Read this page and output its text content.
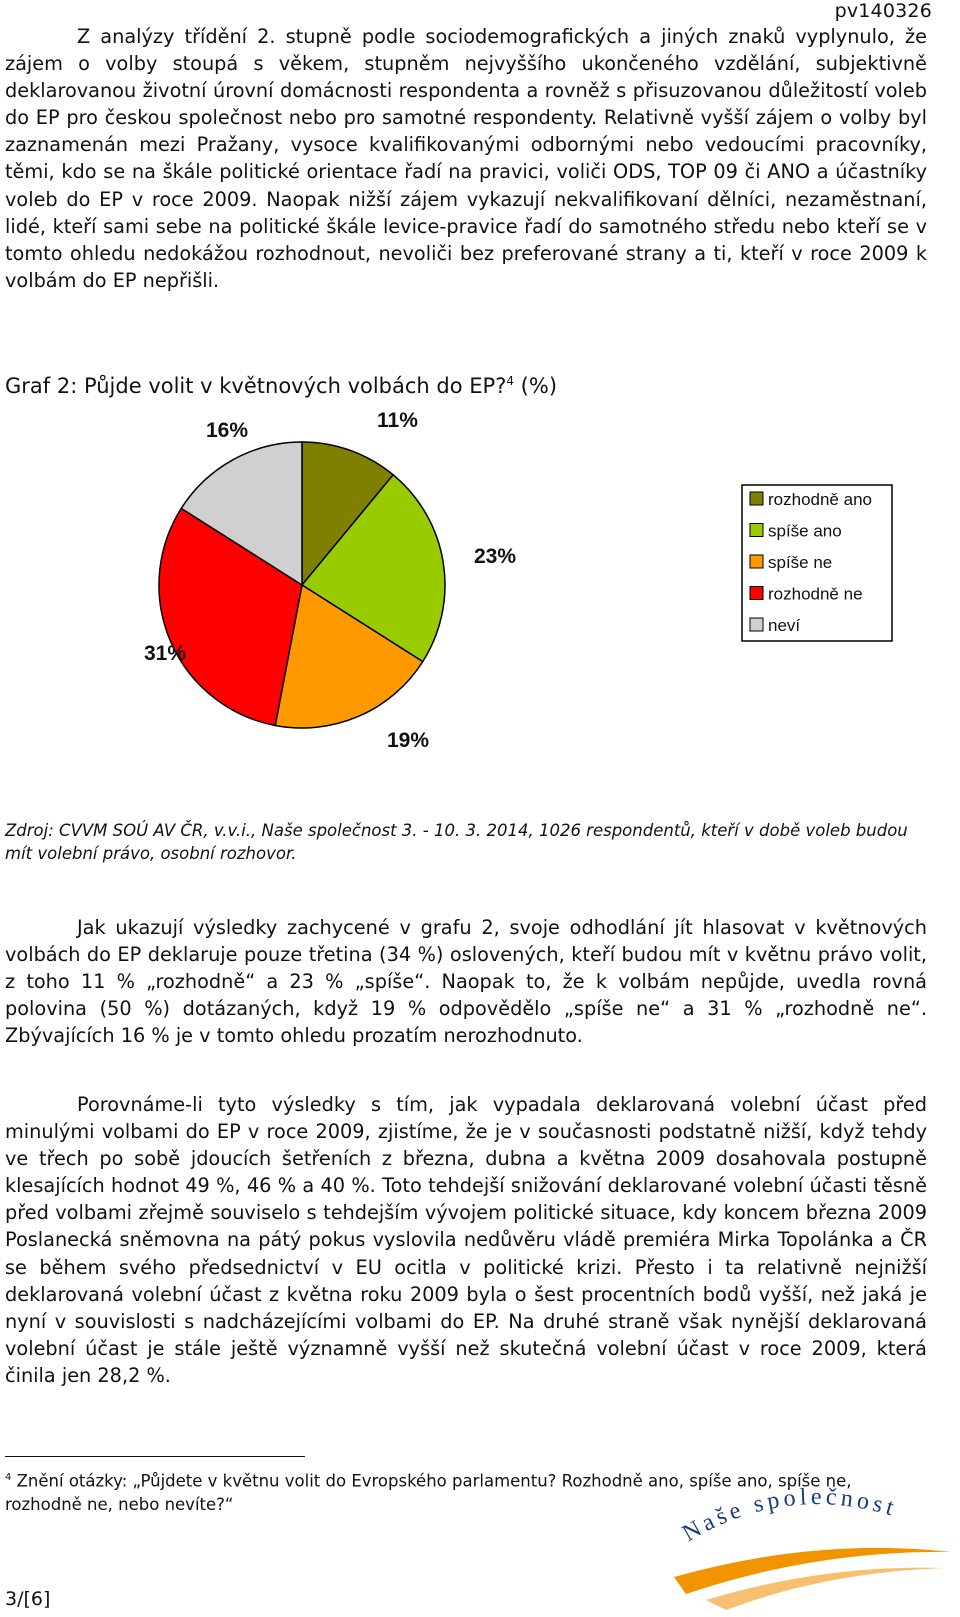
pv140326

Z analýzy třídění 2. stupně podle sociodemografických a jiných znaků vyplynulo, že zájem o volby stoupá s věkem, stupněm nejvyššího ukončeného vzdělání, subjektivně deklarovanou životní úrovní domácnosti respondenta a rovněž s přisuzovanou důležitostí voleb do EP pro českou společnost nebo pro samotné respondenty. Relativně vyšší zájem o volby byl zaznamenán mezi Pražany, vysoce kvalifikovanými odbornými nebo vedoucími pracovníky, těmi, kdo se na škále politické orientace řadí na pravici, voliči ODS, TOP 09 či ANO a účastníky voleb do EP v roce 2009. Naopak nižší zájem vykazují nekvalifikovaní dělníci, nezaměstnaní, lidé, kteří sami sebe na politické škále levice-pravice řadí do samotného středu nebo kteří se v tomto ohledu nedokážou rozhodnout, nevoliči bez preferované strany a ti, kteří v roce 2009 k volbám do EP nepřišli.

Graf 2: Půjde volit v květnových volbách do EP?$^4$ (%)
11%
23%
19%
31%
16%
rozhodně ano
spíše ano
spíše ne
rozhodně ne
neví

Zdroj: CVVM SOÚ AV ČR, v.v.i., Naše společnost 3. - 10. 3. 2014, 1026 respondentů, kteří v době voleb budou mít volební právo, osobní rozhovor.

Jak ukazují výsledky zachycené v grafu 2, svoje odhodlání jít hlasovat v květnových volbách do EP deklaruje pouze třetina (34 %) oslovených, kteří budou mít v květnu právo volit, z toho 11 % „rozhodně“ a 23 % „spíše“. Naopak to, že k volbám nepůjde, uvedla rovná polovina (50 %) dotázaných, když 19 % odpovědělo „spíše ne“ a 31 % „rozhodně ne“. Zbývajících 16 % je v tomto ohledu prozatím nerozhodnuto.

Porovnáme-li tyto výsledky s tím, jak vypadala deklarovaná volební účast před minulými volbami do EP v roce 2009, zjistíme, že je v současnosti podstatně nižší, když tehdy ve třech po sobě jdoucích šetřeních z března, dubna a května 2009 dosahovala postupně klesajících hodnot 49 %, 46 % a 40 %. Toto tehdejší snižování deklarované volební účasti těsně před volbami zřejmě souviselo s tehdejším vývojem politické situace, kdy koncem března 2009 Poslanecká sněmovna na pátý pokus vyslovila nedůvěru vládě premiéra Mirka Topolánka a ČR se během svého předsednictví v EU ocitla v politické krizi. Přesto i ta relativně nejnižší deklarovaná volební účast z května roku 2009 byla o šest procentních bodů vyšší, než jaká je nyní v souvislosti s nadcházejícími volbami do EP. Na druhé straně však nynější deklarovaná volební účast je stále ještě významně vyšší než skutečná volební účast v roce 2009, která činila jen 28,2 %.

$^4$ Znění otázky: „Půjdete v květnu volit do Evropského parlamentu? Rozhodně ano, spíše ano, spíše ne, rozhodně ne, nebo nevíte?“

Naše společnost
3/[6]
